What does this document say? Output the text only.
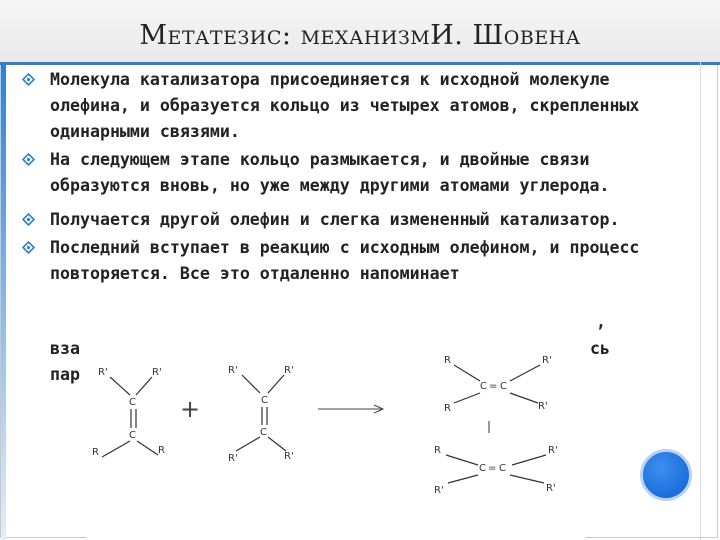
Метатезис: механизмИ. Шовена
Молекула катализатора присоединяется к исходной молекуле олефина, и образуется кольцо из четырех атомов, скрепленных одинарными связями.
На следующем этапе кольцо размыкается, и двойные связи образуются вновь, но уже между другими атомами углерода.
Получается другой олефин и слегка измененный катализатор.
Последний вступает в реакцию с исходным олефином, и процесс повторяется. Все это отдаленно напоминает
вза
пар
сь
,
R'	R'
C
C
R	R
+
R'	R'
C
C
R'	R'
R	R'
C = C
R	R'
R	R'
C = C
R'	R'
